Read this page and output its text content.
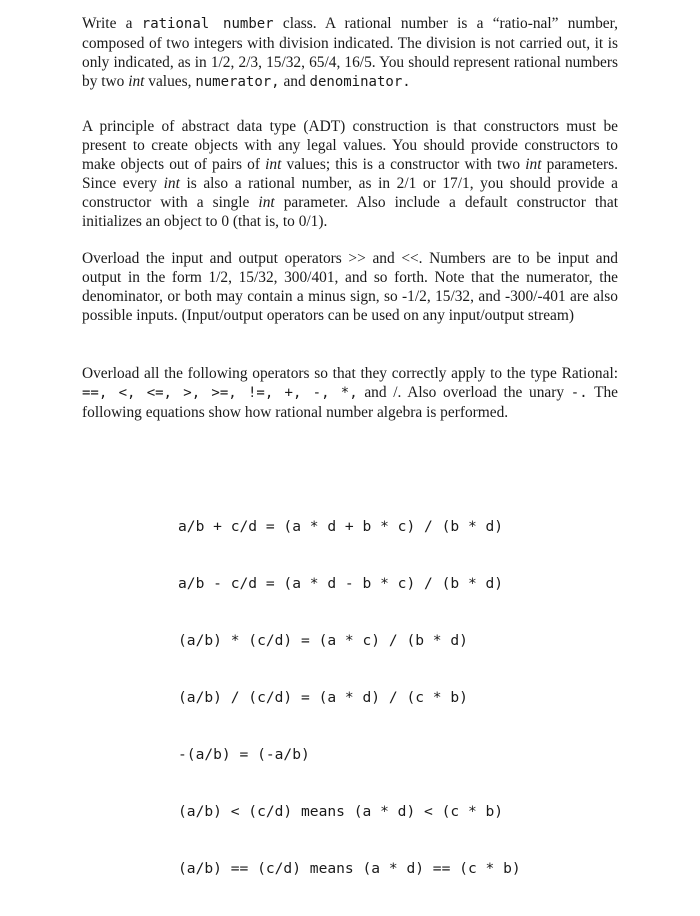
Write a rational number class. A rational number is a “ratio-nal” number, composed of two integers with division indicated. The division is not carried out, it is only indicated, as in 1/2, 2/3, 15/32, 65/4, 16/5. You should represent rational numbers by two int values, numerator, and denominator.

A principle of abstract data type (ADT) construction is that constructors must be present to create objects with any legal values. You should provide constructors to make objects out of pairs of int values; this is a constructor with two int parameters. Since every int is also a rational number, as in 2/1 or 17/1, you should provide a constructor with a single int parameter. Also include a default constructor that initializes an object to 0 (that is, to 0/1).

Overload the input and output operators >> and <<. Numbers are to be input and output in the form 1/2, 15/32, 300/401, and so forth. Note that the numerator, the denominator, or both may contain a minus sign, so -1/2, 15/32, and -300/-401 are also possible inputs. (Input/output operators can be used on any input/output stream)

Overload all the following operators so that they correctly apply to the type Rational: ==, <, <=, >, >=, !=, +, -, *, and /. Also overload the unary -. The following equations show how rational number algebra is performed.

a/b + c/d = (a * d + b * c) / (b * d)

a/b - c/d = (a * d - b * c) / (b * d)

(a/b) * (c/d) = (a * c) / (b * d)

(a/b) / (c/d) = (a * d) / (c * b)

-(a/b) = (-a/b)

(a/b) < (c/d) means (a * d) < (c * b)

(a/b) == (c/d) means (a * d) == (c * b)
